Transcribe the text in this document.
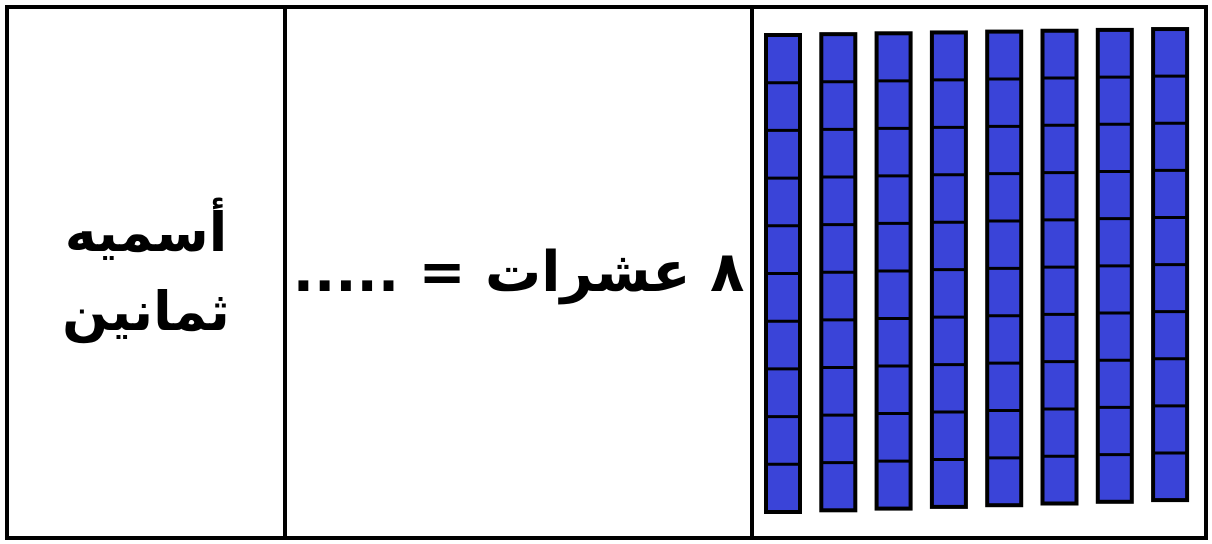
أسميه
ثمانين
٨ عشرات = .....
